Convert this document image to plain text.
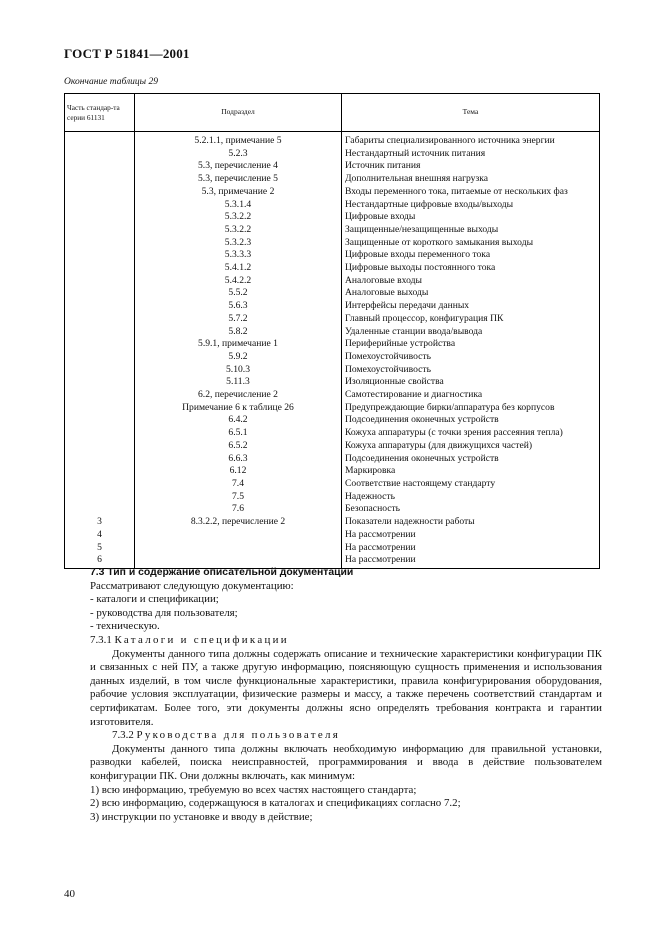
ГОСТ Р 51841—2001
Окончание таблицы 29
Часть стандар-та серии 61131	Подраздел	Тема
	5.2.1.1, примечание 5	Габариты специализированного источника энергии
	5.2.3	Нестандартный источник питания
	5.3, перечисление 4	Источник питания
	5.3, перечисление 5	Дополнительная внешняя нагрузка
	5.3, примечание 2	Входы переменного тока, питаемые от нескольких фаз
	5.3.1.4	Нестандартные цифровые входы/выходы
	5.3.2.2	Цифровые входы
	5.3.2.2	Защищенные/незащищенные выходы
	5.3.2.3	Защищенные от короткого замыкания выходы
	5.3.3.3	Цифровые входы переменного тока
	5.4.1.2	Цифровые выходы постоянного тока
	5.4.2.2	Аналоговые входы
	5.5.2	Аналоговые выходы
	5.6.3	Интерфейсы передачи данных
	5.7.2	Главный процессор, конфигурация ПК
	5.8.2	Удаленные станции ввода/вывода
	5.9.1, примечание 1	Периферийные устройства
	5.9.2	Помехоустойчивость
	5.10.3	Помехоустойчивость
	5.11.3	Изоляционные свойства
	6.2, перечисление 2	Самотестирование и диагностика
	Примечание 6 к таблице 26	Предупреждающие бирки/аппаратура без корпусов
	6.4.2	Подсоединения оконечных устройств
	6.5.1	Кожуха аппаратуры (с точки зрения рассеяния тепла)
	6.5.2	Кожуха аппаратуры (для движущихся частей)
	6.6.3	Подсоединения оконечных устройств
	6.12	Маркировка
	7.4	Соответствие настоящему стандарту
	7.5	Надежность
	7.6	Безопасность
3	8.3.2.2, перечисление 2	Показатели надежности работы
4		На рассмотрении
5		На рассмотрении
6		На рассмотрении

7.3 Тип и содержание описательной документации

Рассматривают следующую документацию:

- каталоги и спецификации;
- руководства для пользователя;
- техническую.

7.3.1 Каталоги и спецификации

Документы данного типа должны содержать описание и технические характеристики конфигурации ПК и связанных с ней ПУ, а также другую информацию, поясняющую сущность применения и использования данных изделий, в том числе функциональные характеристики, правила конфигурирования оборудования, рабочие условия эксплуатации, физические размеры и массу, а также перечень соответствий стандартам и сертификатам. Более того, эти документы должны ясно определять требования контракта и гарантии изготовителя.

7.3.2 Руководства для пользователя

Документы данного типа должны включать необходимую информацию для правильной установки, разводки кабелей, поиска неисправностей, программирования и ввода в действие пользователем конфигурации ПК. Они должны включать, как минимум:

1) всю информацию, требуемую во всех частях настоящего стандарта;
2) всю информацию, содержащуюся в каталогах и спецификациях согласно 7.2;
3) инструкции по установке и вводу в действие;
40
